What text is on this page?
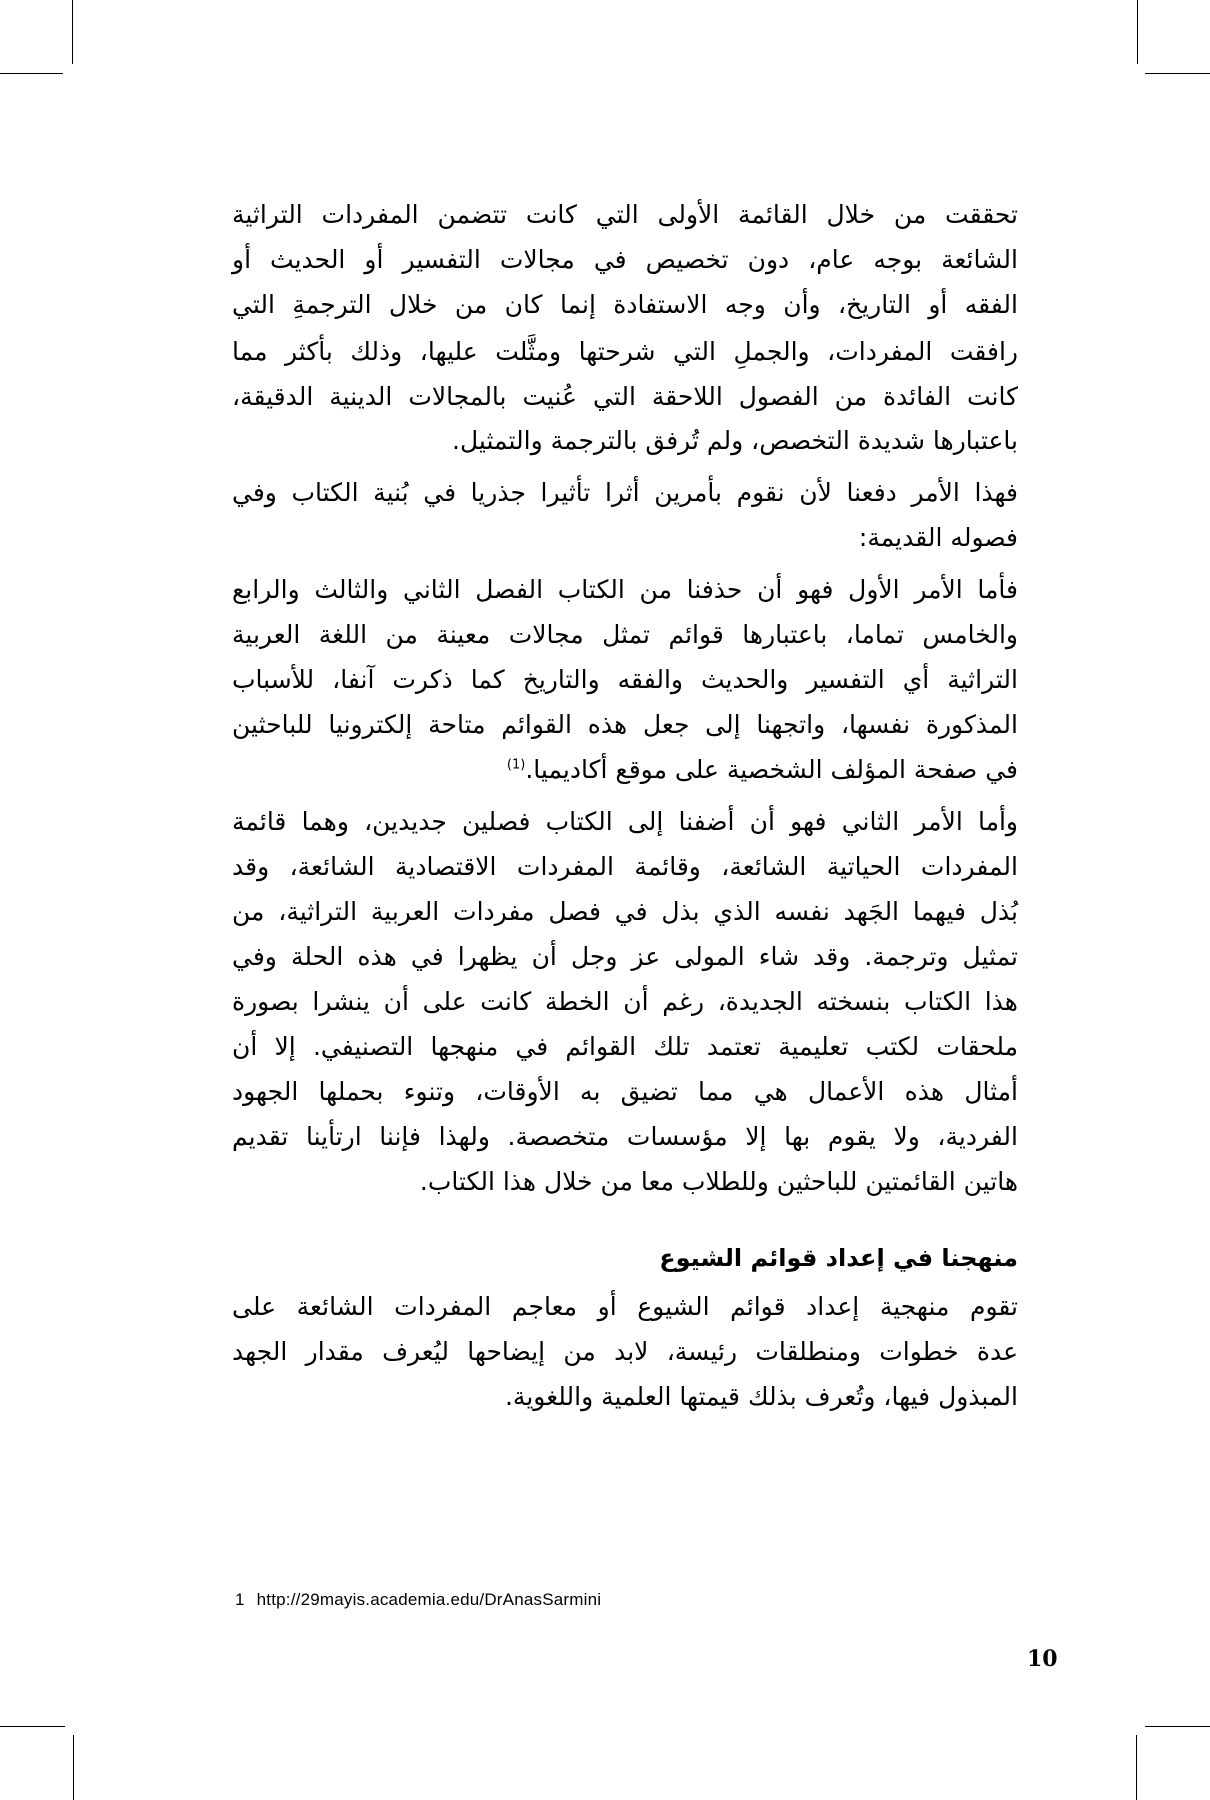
تحققت من خلال القائمة الأولى التي كانت تتضمن المفردات التراثية
الشائعة بوجه عام، دون تخصيص في مجالات التفسير أو الحديث أو
الفقه أو التاريخ، وأن وجه الاستفادة إنما كان من خلال الترجمةِ التي
رافقت المفردات، والجملِ التي شرحتها ومثَّلت عليها، وذلك بأكثر مما
كانت الفائدة من الفصول اللاحقة التي عُنيت بالمجالات الدينية الدقيقة،
باعتبارها شديدة التخصص، ولم تُرفق بالترجمة والتمثيل.
فهذا الأمر دفعنا لأن نقوم بأمرين أثرا تأثيرا جذريا في بُنية الكتاب وفي
فصوله القديمة:
فأما الأمر الأول فهو أن حذفنا من الكتاب الفصل الثاني والثالث والرابع
والخامس تماما، باعتبارها قوائم تمثل مجالات معينة من اللغة العربية
التراثية أي التفسير والحديث والفقه والتاريخ كما ذكرت آنفا، للأسباب
المذكورة نفسها، واتجهنا إلى جعل هذه القوائم متاحة إلكترونيا للباحثين
في صفحة المؤلف الشخصية على موقع أكاديميا.$^{(1)}$
وأما الأمر الثاني فهو أن أضفنا إلى الكتاب فصلين جديدين، وهما قائمة
المفردات الحياتية الشائعة، وقائمة المفردات الاقتصادية الشائعة، وقد
بُذل فيهما الجَهد نفسه الذي بذل في فصل مفردات العربية التراثية، من
تمثيل وترجمة. وقد شاء المولى عز وجل أن يظهرا في هذه الحلة وفي
هذا الكتاب بنسخته الجديدة، رغم أن الخطة كانت على أن ينشرا بصورة
ملحقات لكتب تعليمية تعتمد تلك القوائم في منهجها التصنيفي. إلا أن
أمثال هذه الأعمال هي مما تضيق به الأوقات، وتنوء بحملها الجهود
الفردية، ولا يقوم بها إلا مؤسسات متخصصة. ولهذا فإننا ارتأينا تقديم
هاتين القائمتين للباحثين وللطلاب معا من خلال هذا الكتاب.
منهجنا في إعداد قوائم الشيوع
تقوم منهجية إعداد قوائم الشيوع أو معاجم المفردات الشائعة على
عدة خطوات ومنطلقات رئيسة، لابد من إيضاحها ليُعرف مقدار الجهد
المبذول فيها، وتُعرف بذلك قيمتها العلمية واللغوية.
1 http://29mayis.academia.edu/DrAnasSarmini
10
